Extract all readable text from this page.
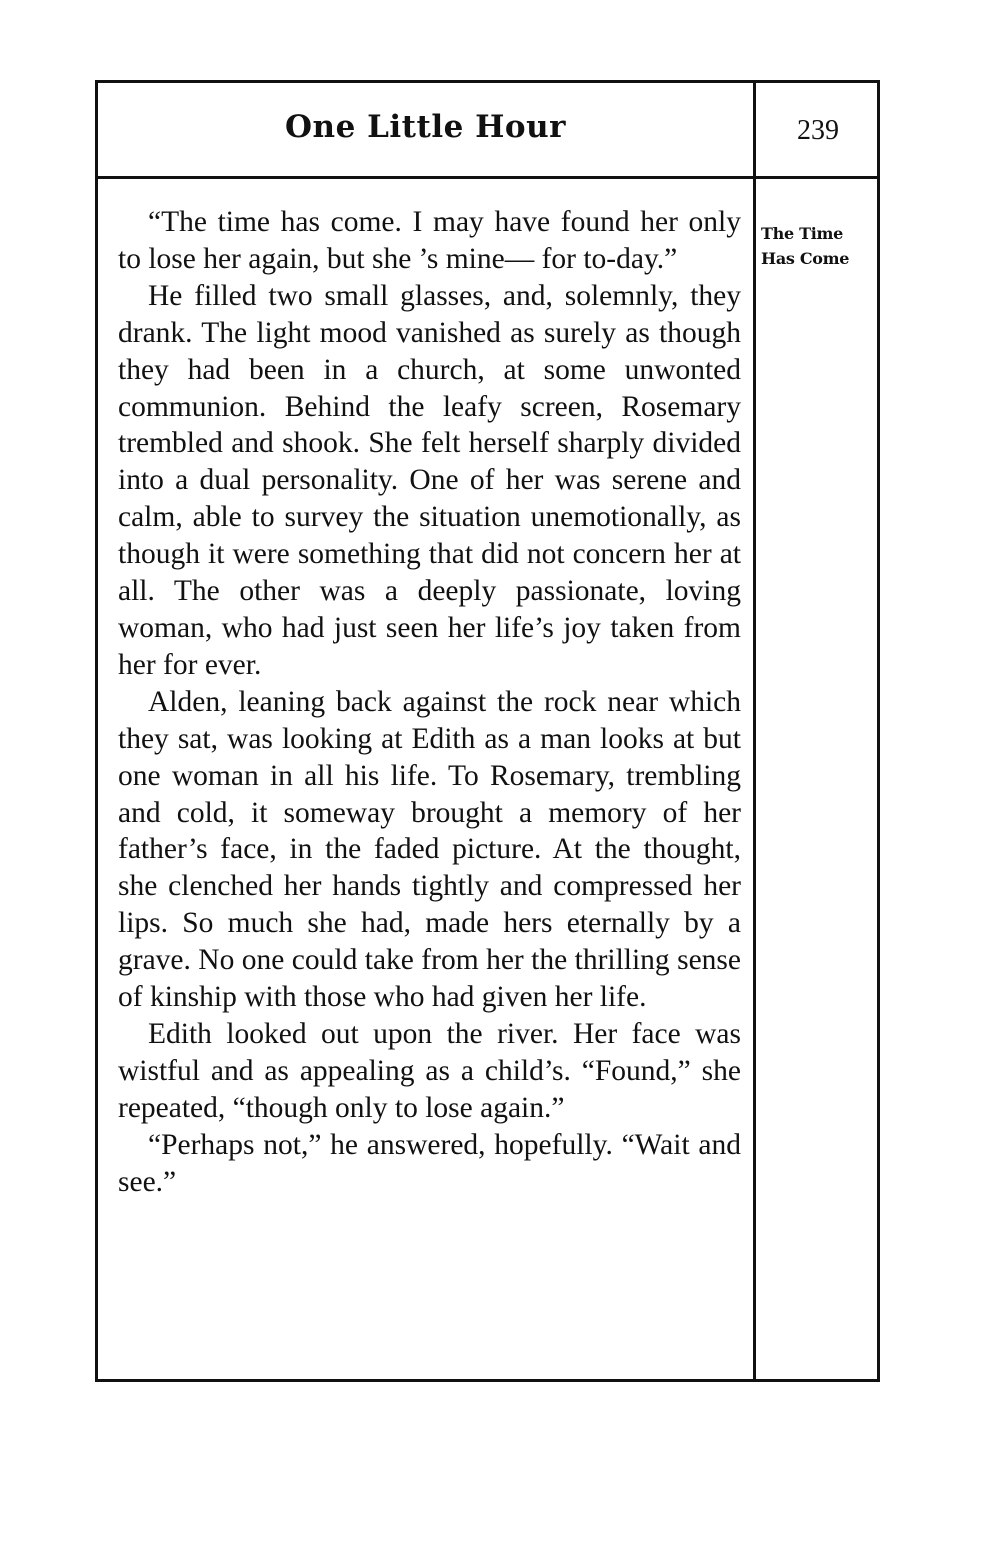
One Little Hour	239
The Time
Has Come

“The time has come. I may have found her only to lose her again, but she ’s mine— for to-day.”

He filled two small glasses, and, solemnly, they drank. The light mood vanished as surely as though they had been in a church, at some unwonted communion. Behind the leafy screen, Rosemary trembled and shook. She felt herself sharply divided into a dual personality. One of her was serene and calm, able to survey the situation unemotionally, as though it were something that did not concern her at all. The other was a deeply passionate, loving woman, who had just seen her life’s joy taken from her for ever.

Alden, leaning back against the rock near which they sat, was looking at Edith as a man looks at but one woman in all his life. To Rosemary, trembling and cold, it someway brought a memory of her father’s face, in the faded picture. At the thought, she clenched her hands tightly and compressed her lips. So much she had, made hers eternally by a grave. No one could take from her the thrilling sense of kinship with those who had given her life.

Edith looked out upon the river. Her face was wistful and as appealing as a child’s. “Found,” she repeated, “though only to lose again.”

“Perhaps not,” he answered, hopefully. “Wait and see.”
